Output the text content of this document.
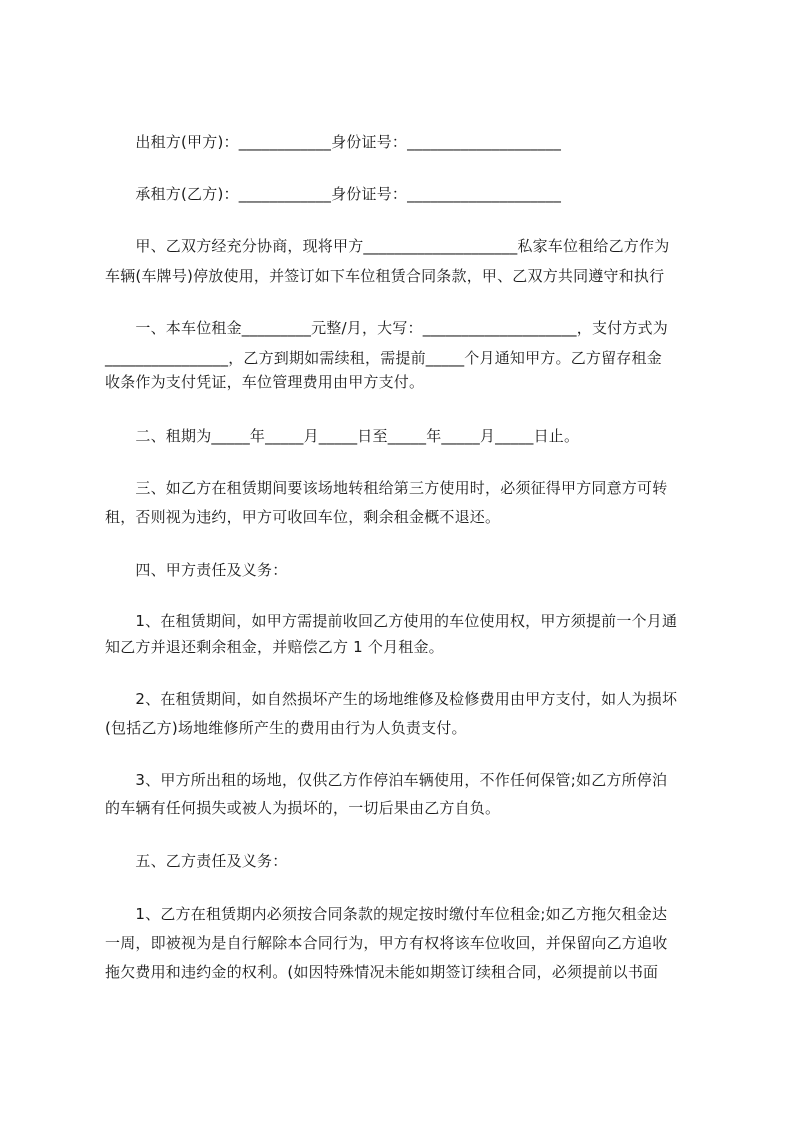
　　出租方(甲方)：____________身份证号：____________________
　　承租方(乙方)：____________身份证号：____________________
　　甲、乙双方经充分协商，现将甲方____________________私家车位租给乙方作为
车辆(车牌号)停放使用，并签订如下车位租赁合同条款，甲、乙双方共同遵守和执行
　　一、本车位租金_________元整/月，大写：____________________，支付方式为
________________，乙方到期如需续租，需提前_____个月通知甲方。乙方留存租金
收条作为支付凭证，车位管理费用由甲方支付。
　　二、租期为_____年_____月_____日至_____年_____月_____日止。
　　三、如乙方在租赁期间要该场地转租给第三方使用时，必须征得甲方同意方可转
租，否则视为违约，甲方可收回车位，剩余租金概不退还。
　　四、甲方责任及义务：
　　1、在租赁期间，如甲方需提前收回乙方使用的车位使用权，甲方须提前一个月通
知乙方并退还剩余租金，并赔偿乙方 1 个月租金。
　　2、在租赁期间，如自然损坏产生的场地维修及检修费用由甲方支付，如人为损坏
(包括乙方)场地维修所产生的费用由行为人负责支付。
　　3、甲方所出租的场地，仅供乙方作停泊车辆使用，不作任何保管;如乙方所停泊
的车辆有任何损失或被人为损坏的，一切后果由乙方自负。
　　五、乙方责任及义务：
　　1、乙方在租赁期内必须按合同条款的规定按时缴付车位租金;如乙方拖欠租金达
一周，即被视为是自行解除本合同行为，甲方有权将该车位收回，并保留向乙方追收
拖欠费用和违约金的权利。(如因特殊情况未能如期签订续租合同，必须提前以书面
